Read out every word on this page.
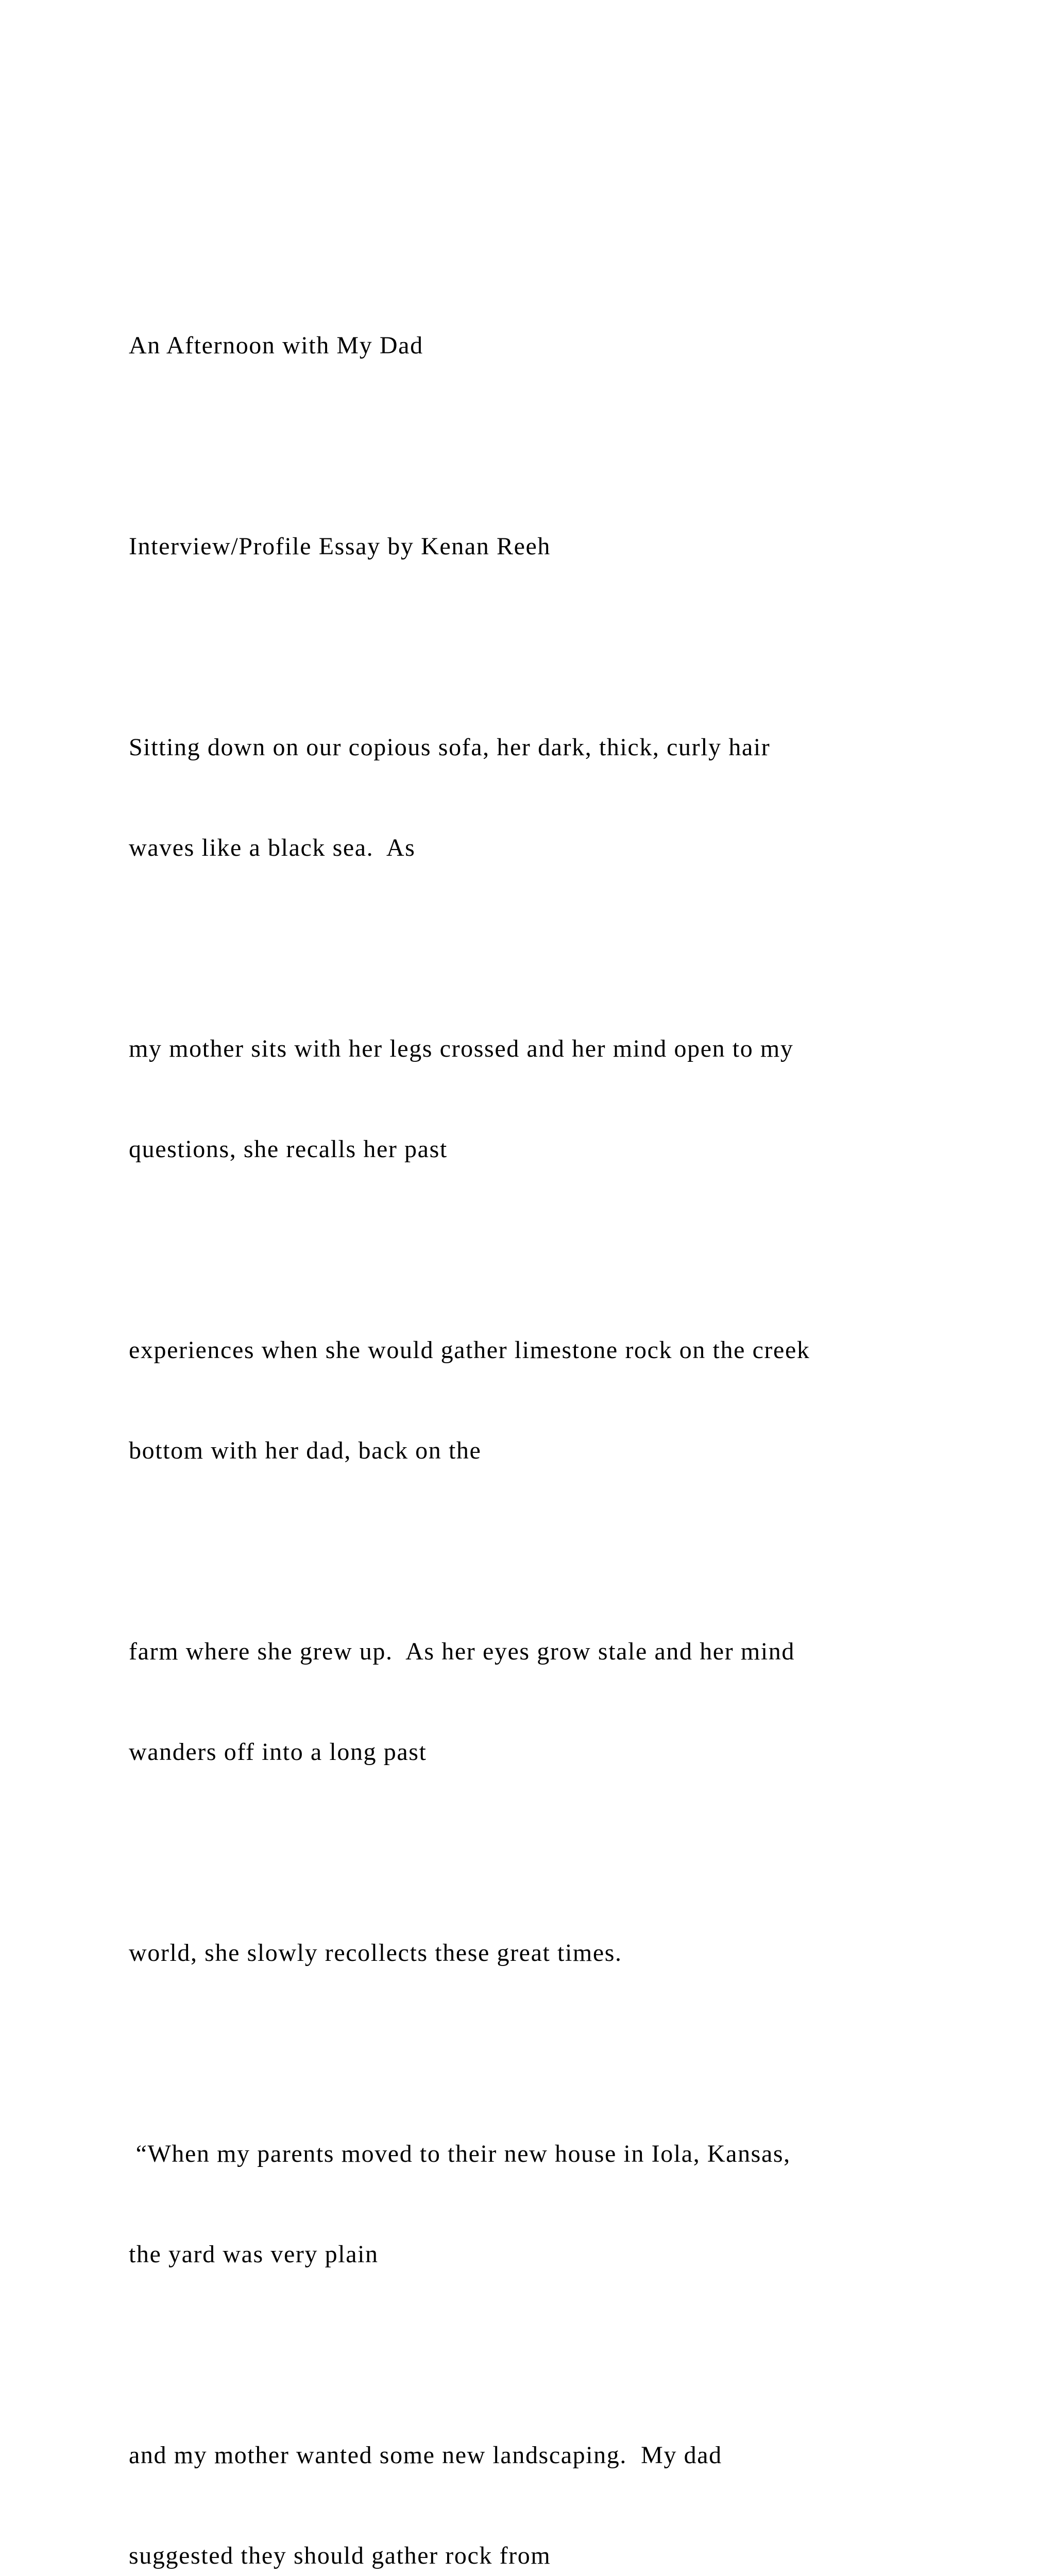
An Afternoon with My Dad

Interview/Profile Essay by Kenan Reeh

Sitting down on our copious sofa, her dark, thick, curly hair

waves like a black sea.  As

my mother sits with her legs crossed and her mind open to my

questions, she recalls her past

experiences when she would gather limestone rock on the creek

bottom with her dad, back on the

farm where she grew up.  As her eyes grow stale and her mind

wanders off into a long past

world, she slowly recollects these great times.

“When my parents moved to their new house in Iola, Kansas,

the yard was very plain

and my mother wanted some new landscaping.  My dad

suggested they should gather rock from
